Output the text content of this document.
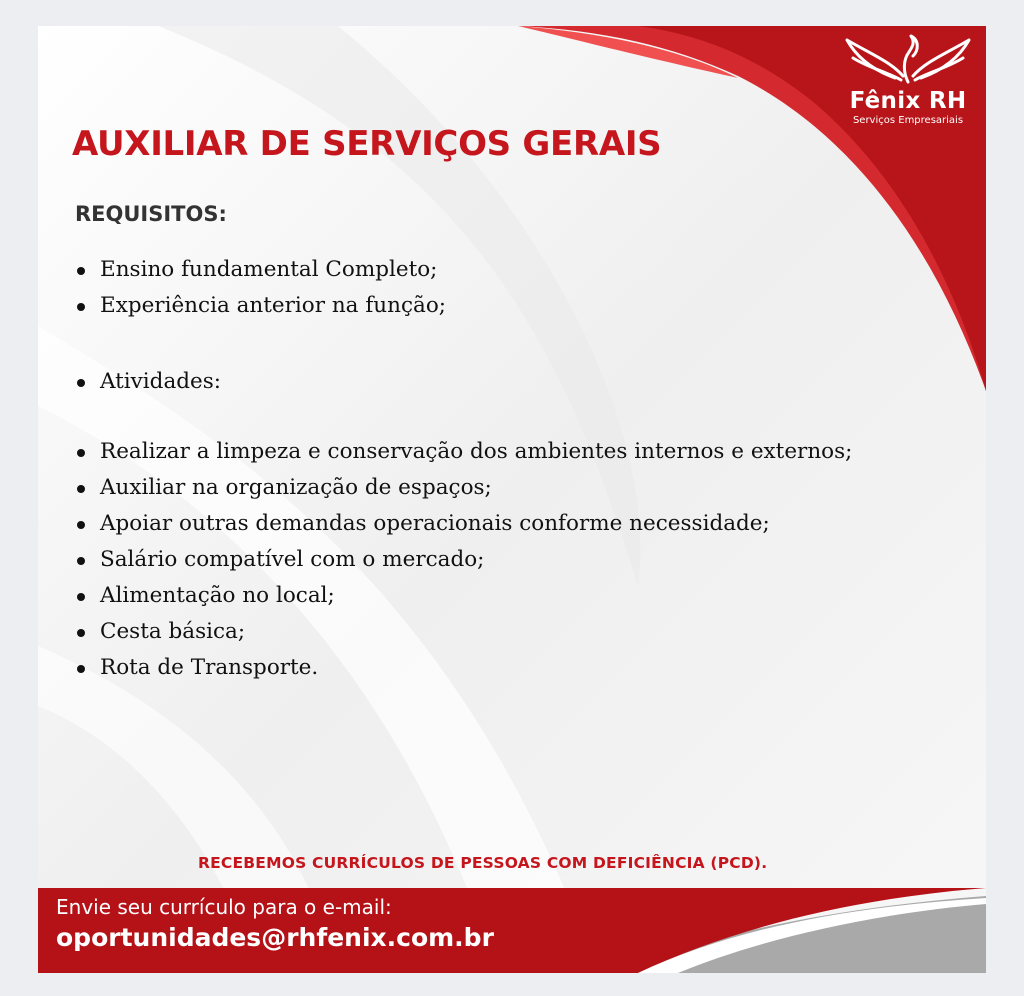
Fênix RH
Serviços Empresariais
AUXILIAR DE SERVIÇOS GERAIS
REQUISITOS:
Ensino fundamental Completo;
Experiência anterior na função;
Atividades:
Realizar a limpeza e conservação dos ambientes internos e externos;
Auxiliar na organização de espaços;
Apoiar outras demandas operacionais conforme necessidade;
Salário compatível com o mercado;
Alimentação no local;
Cesta básica;
Rota de Transporte.

RECEBEMOS CURRÍCULOS DE PESSOAS COM DEFICIÊNCIA (PCD).

Envie seu currículo para o e-mail:
oportunidades@rhfenix.com.br
